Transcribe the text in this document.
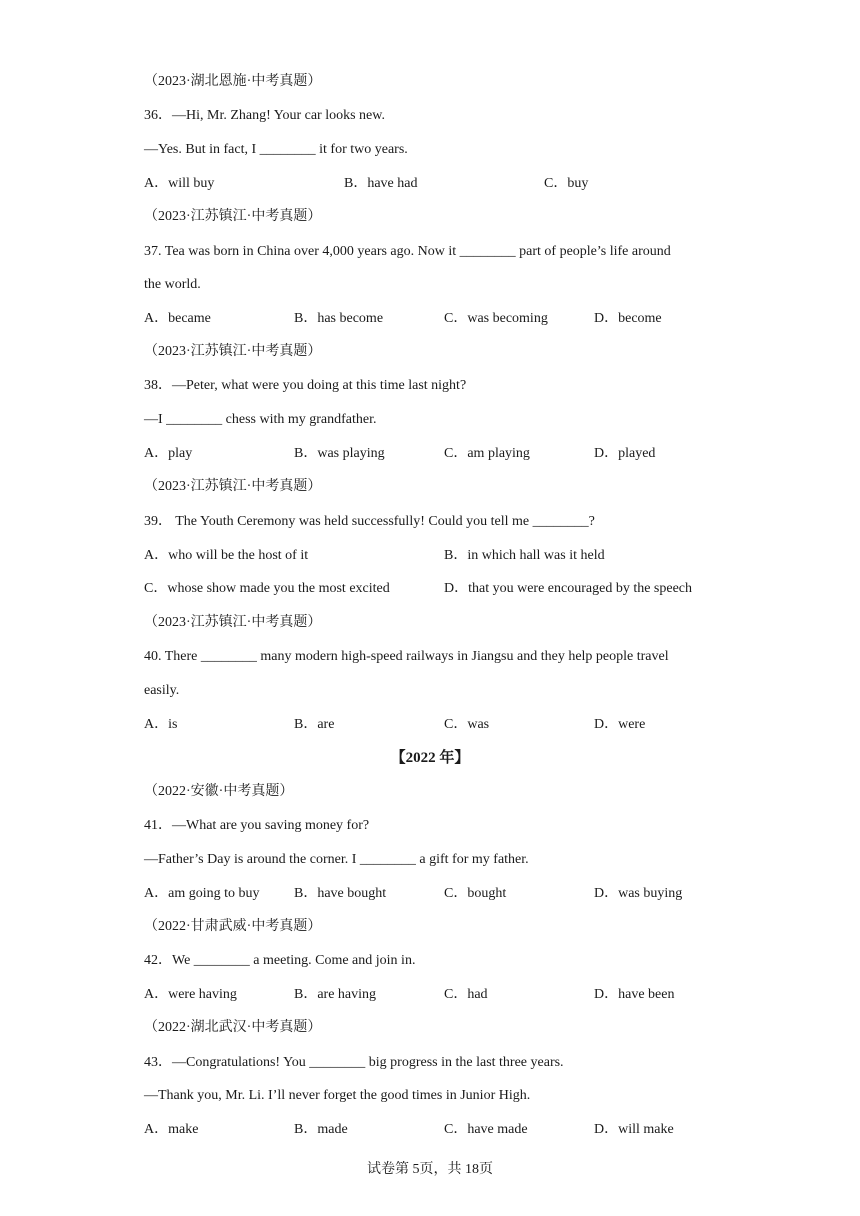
（2023·湖北恩施·中考真题）
36．—Hi, Mr. Zhang! Your car looks new.
—Yes. But in fact, I ________ it for two years.
A．will buy	B．have had	C．buy
（2023·江苏镇江·中考真题）
37. Tea was born in China over 4,000 years ago. Now it ________ part of people’s life around
the world.
A．became	B．has become	C．was becoming	D．become
（2023·江苏镇江·中考真题）
38．—Peter, what were you doing at this time last night?
—I ________ chess with my grandfather.
A．play	B．was playing	C．am playing	D．played
（2023·江苏镇江·中考真题）
39． The Youth Ceremony was held successfully! Could you tell me ________?
A．who will be the host of it	B．in which hall was it held
C．whose show made you the most excited	D．that you were encouraged by the speech
（2023·江苏镇江·中考真题）
40. There ________ many modern high-speed railways in Jiangsu and they help people travel
easily.
A．is	B．are	C．was	D．were
【2022 年】
（2022·安徽·中考真题）
41．—What are you saving money for?
—Father’s Day is around the corner. I ________ a gift for my father.
A．am going to buy B．have bought	C．bought	D．was buying
（2022·甘肃武威·中考真题）
42．We ________ a meeting. Come and join in.
A．were having	B．are having	C．had	D．have been
（2022·湖北武汉·中考真题）
43．—Congratulations! You ________ big progress in the last three years.
—Thank you, Mr. Li. I’ll never forget the good times in Junior High.
A．make	B．made	C．have made	D．will make
试卷第 5页，共 18页
